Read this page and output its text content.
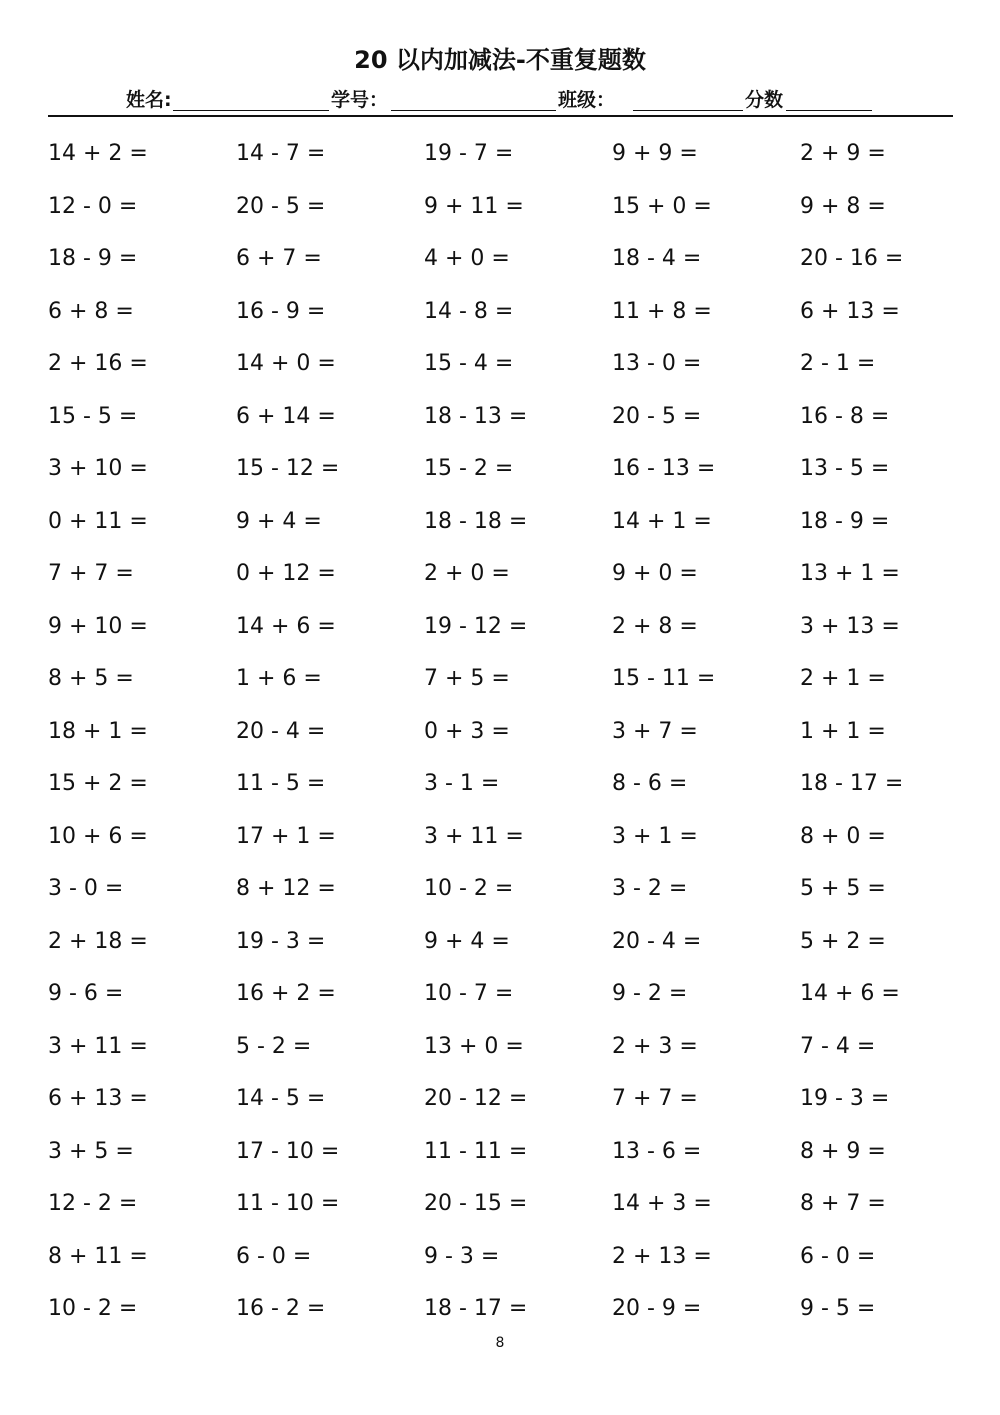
20 以内加减法-不重复题数
姓名:	学号：	班级：	分数
14 + 2 =	14 - 7 =	19 - 7 =	9 + 9 =	2 + 9 =
12 - 0 =	20 - 5 =	9 + 11 =	15 + 0 =	9 + 8 =
18 - 9 =	6 + 7 =	4 + 0 =	18 - 4 =	20 - 16 =
6 + 8 =	16 - 9 =	14 - 8 =	11 + 8 =	6 + 13 =
2 + 16 =	14 + 0 =	15 - 4 =	13 - 0 =	2 - 1 =
15 - 5 =	6 + 14 =	18 - 13 =	20 - 5 =	16 - 8 =
3 + 10 =	15 - 12 =	15 - 2 =	16 - 13 =	13 - 5 =
0 + 11 =	9 + 4 =	18 - 18 =	14 + 1 =	18 - 9 =
7 + 7 =	0 + 12 =	2 + 0 =	9 + 0 =	13 + 1 =
9 + 10 =	14 + 6 =	19 - 12 =	2 + 8 =	3 + 13 =
8 + 5 =	1 + 6 =	7 + 5 =	15 - 11 =	2 + 1 =
18 + 1 =	20 - 4 =	0 + 3 =	3 + 7 =	1 + 1 =
15 + 2 =	11 - 5 =	3 - 1 =	8 - 6 =	18 - 17 =
10 + 6 =	17 + 1 =	3 + 11 =	3 + 1 =	8 + 0 =
3 - 0 =	8 + 12 =	10 - 2 =	3 - 2 =	5 + 5 =
2 + 18 =	19 - 3 =	9 + 4 =	20 - 4 =	5 + 2 =
9 - 6 =	16 + 2 =	10 - 7 =	9 - 2 =	14 + 6 =
3 + 11 =	5 - 2 =	13 + 0 =	2 + 3 =	7 - 4 =
6 + 13 =	14 - 5 =	20 - 12 =	7 + 7 =	19 - 3 =
3 + 5 =	17 - 10 =	11 - 11 =	13 - 6 =	8 + 9 =
12 - 2 =	11 - 10 =	20 - 15 =	14 + 3 =	8 + 7 =
8 + 11 =	6 - 0 =	9 - 3 =	2 + 13 =	6 - 0 =
10 - 2 =	16 - 2 =	18 - 17 =	20 - 9 =	9 - 5 =
8
